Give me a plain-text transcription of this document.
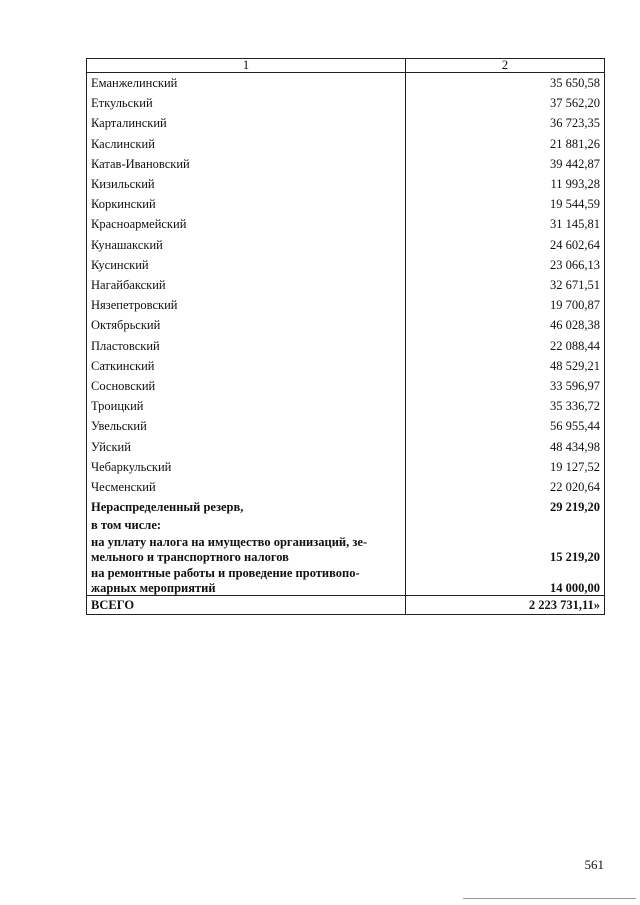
1	2
Еманжелинский	35 650,58
Еткульский	37 562,20
Карталинский	36 723,35
Каслинский	21 881,26
Катав-Ивановский	39 442,87
Кизильский	11 993,28
Коркинский	19 544,59
Красноармейский	31 145,81
Кунашакский	24 602,64
Кусинский	23 066,13
Нагайбакский	32 671,51
Нязепетровский	19 700,87
Октябрьский	46 028,38
Пластовский	22 088,44
Саткинский	48 529,21
Сосновский	33 596,97
Троицкий	35 336,72
Увельский	56 955,44
Уйский	48 434,98
Чебаркульский	19 127,52
Чесменский	22 020,64
Нераспределенный резерв,	29 219,20
в том числе:	
на уплату налога на имущество организаций, зе-
мельного и транспортного налогов	15 219,20
на ремонтные работы и проведение противопо-
жарных мероприятий	14 000,00
ВСЕГО	2 223 731,11»
561
